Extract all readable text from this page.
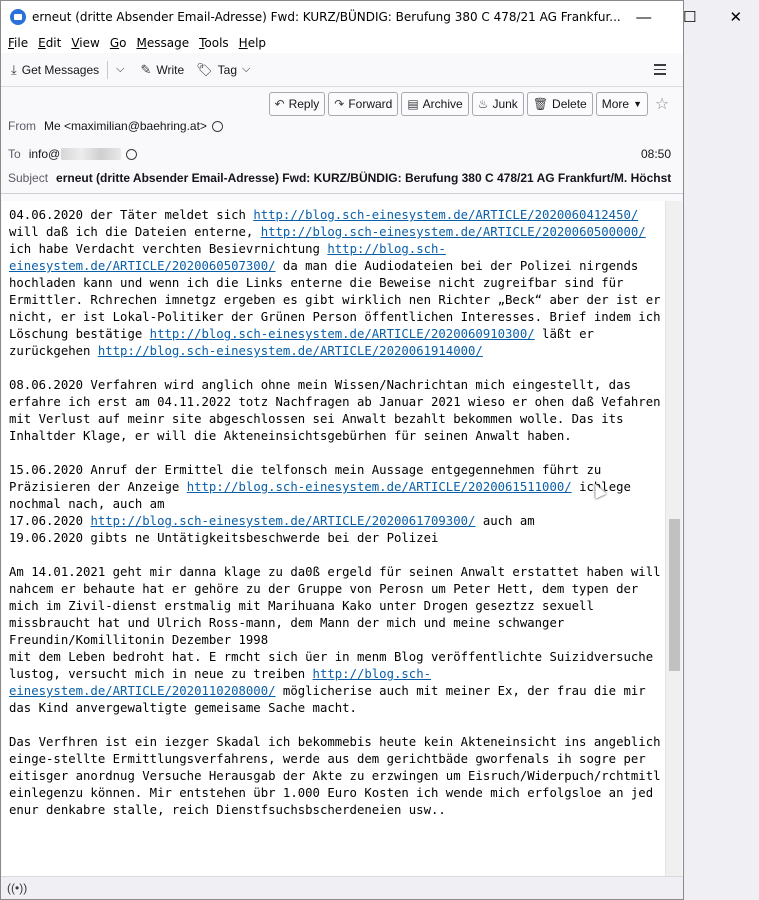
erneut (dritte Absender Email-Adresse) Fwd: KURZ/BÜNDIG: Berufung 380 C 478/21 AG Frankfur...	—	☐	✕
File Edit View Go Message Tools Help
⤓ Get Messages ⌵ ✎ Write 🏷 Tag ⌵
↶ Reply ↷ Forward ▤ Archive ♨ Junk 🗑 Delete More ▼ ☆
From Me <maximilian@baehring.at>
To info@	08:50
Subject erneut (dritte Absender Email-Adresse) Fwd: KURZ/BÜNDIG: Berufung 380 C 478/21 AG Frankfurt/M. Höchst
04.06.2020 der Täter meldet sich http://blog.sch-einesystem.de/ARTICLE/2020060412450/ will daß ich die Dateien enterne, http://blog.sch-einesystem.de/ARTICLE/2020060500000/ ich habe Verdacht verchten Besievrnichtung http://blog.sch-einesystem.de/ARTICLE/2020060507300/ da man die Audiodateien bei der Polizei nirgends hochladen kann und wenn ich die Links enterne die Beweise nicht zugreifbar sind für Ermittler. Rchrechen imnetgz ergeben es gibt wirklich nen Richter „Beck“ aber der ist er nicht, er ist Lokal-Politiker der Grünen Person öffentlichen Interesses. Brief indem ich Löschung bestätige http://blog.sch-einesystem.de/ARTICLE/2020060910300/ läßt er zurückgehen http://blog.sch-einesystem.de/ARTICLE/2020061914000/
08.06.2020 Verfahren wird anglich ohne mein Wissen/Nachrichtan mich eingestellt, das erfahre ich erst am 04.11.2022 totz Nachfragen ab Januar 2021 wieso er ohen daß Vefahren mit Verlust auf meinr site abgeschlossen sei Anwalt bezahlt bekommen wolle. Das its Inhaltder Klage, er will die Akteneinsichtsgebürhen für seinen Anwalt haben.
15.06.2020 Anruf der Ermittel die telfonsch mein Aussage entgegennehmen führt zu Präzisieren der Anzeige http://blog.sch-einesystem.de/ARTICLE/2020061511000/ ichlege nochmal nach, auch am
17.06.2020 http://blog.sch-einesystem.de/ARTICLE/2020061709300/ auch am
19.06.2020 gibts ne Untätigkeitsbeschwerde bei der Polizei
Am 14.01.2021 geht mir danna klage zu da0ß ergeld für seinen Anwalt erstattet haben will nahcem er behaute hat er gehöre zu der Gruppe von Perosn um Peter Hett, dem typen der mich im Zivil-dienst erstmalig mit Marihuana Kako unter Drogen geseztzz sexuell missbraucht hat und Ulrich Ross-mann, dem Mann der mich und meine schwanger Freundin/Komillitonin Dezember 1998
mit dem Leben bedroht hat. E rmcht sich üer in menm Blog veröffentlichte Suizidversuche lustog, versucht mich in neue zu treiben http://blog.sch-einesystem.de/ARTICLE/2020110208000/ möglicherise auch mit meiner Ex, der frau die mir das Kind anvergewaltigte gemeisame Sache macht.
Das Verfhren ist ein iezger Skadal ich bekommebis heute kein Akteneinsicht ins angeblich einge-stellte Ermittlungsverfahrens, werde aus dem gerichtbäde gworfenals ih sogre per eitisger anordnug Versuche Herausgab der Akte zu erzwingen um Eisruch/Widerpuch/rchtmitl einlegenzu können. Mir entstehen übr 1.000 Euro Kosten ich wende mich erfolgsloe an jed enur denkabre stalle, reich Dienstfsuchsbscherdeneien usw..
((•))
